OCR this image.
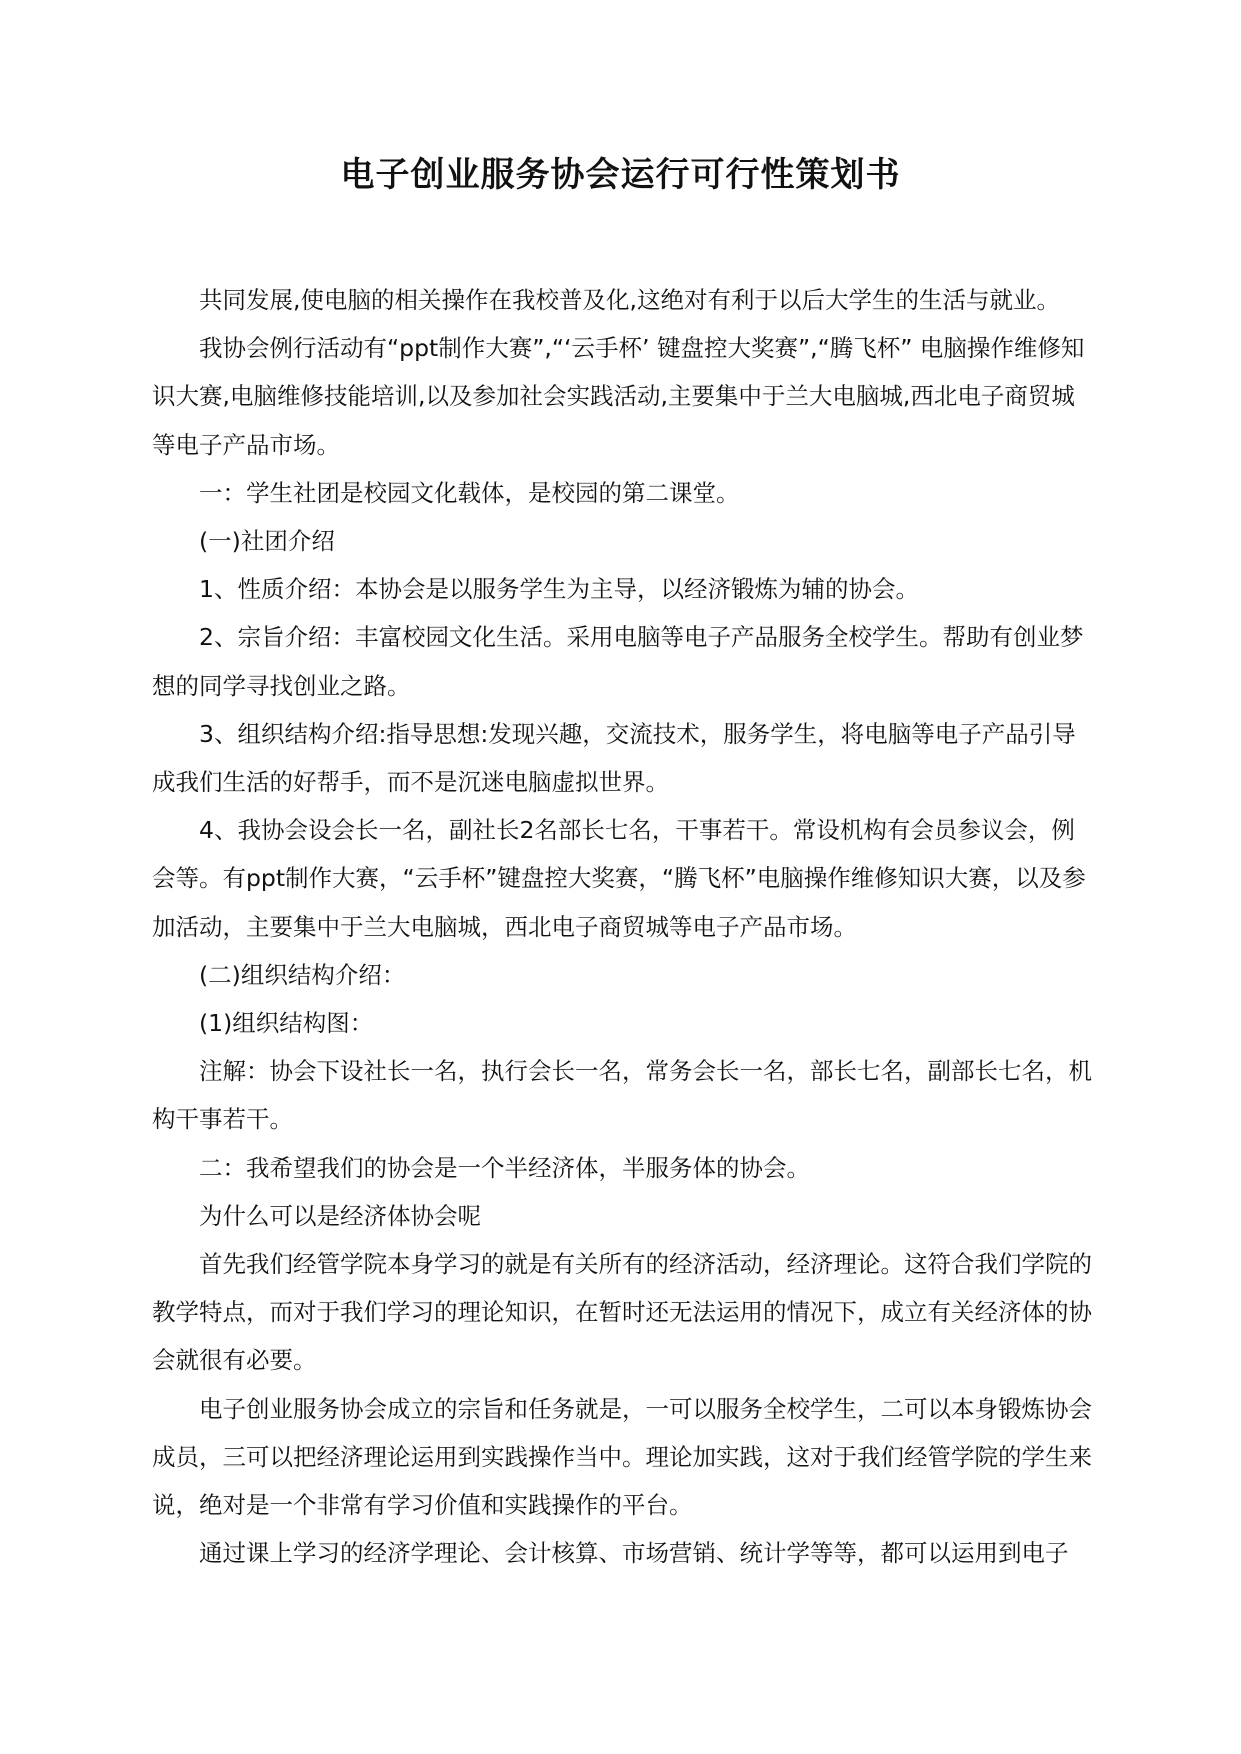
电子创业服务协会运行可行性策划书

共同发展,使电脑的相关操作在我校普及化,这绝对有利于以后大学生的生活与就业。

我协会例行活动有“ppt制作大赛”,“‘云手杯’ 键盘控大奖赛”,“腾飞杯” 电脑操作维修知识大赛,电脑维修技能培训,以及参加社会实践活动,主要集中于兰大电脑城,西北电子商贸城等电子产品市场。

一：学生社团是校园文化载体，是校园的第二课堂。

(一)社团介绍

1、性质介绍：本协会是以服务学生为主导，以经济锻炼为辅的协会。

2、宗旨介绍：丰富校园文化生活。采用电脑等电子产品服务全校学生。帮助有创业梦想的同学寻找创业之路。

3、组织结构介绍:指导思想:发现兴趣，交流技术，服务学生，将电脑等电子产品引导成我们生活的好帮手，而不是沉迷电脑虚拟世界。

4、我协会设会长一名，副社长2名部长七名，干事若干。常设机构有会员参议会，例会等。有ppt制作大赛，“云手杯”键盘控大奖赛，“腾飞杯”电脑操作维修知识大赛，以及参加活动，主要集中于兰大电脑城，西北电子商贸城等电子产品市场。

(二)组织结构介绍：

(1)组织结构图：

注解：协会下设社长一名，执行会长一名，常务会长一名，部长七名，副部长七名，机构干事若干。

二：我希望我们的协会是一个半经济体，半服务体的协会。

为什么可以是经济体协会呢

首先我们经管学院本身学习的就是有关所有的经济活动，经济理论。这符合我们学院的教学特点，而对于我们学习的理论知识，在暂时还无法运用的情况下，成立有关经济体的协会就很有必要。

电子创业服务协会成立的宗旨和任务就是，一可以服务全校学生，二可以本身锻炼协会成员，三可以把经济理论运用到实践操作当中。理论加实践，这对于我们经管学院的学生来说，绝对是一个非常有学习价值和实践操作的平台。

通过课上学习的经济学理论、会计核算、市场营销、统计学等等，都可以运用到电子
